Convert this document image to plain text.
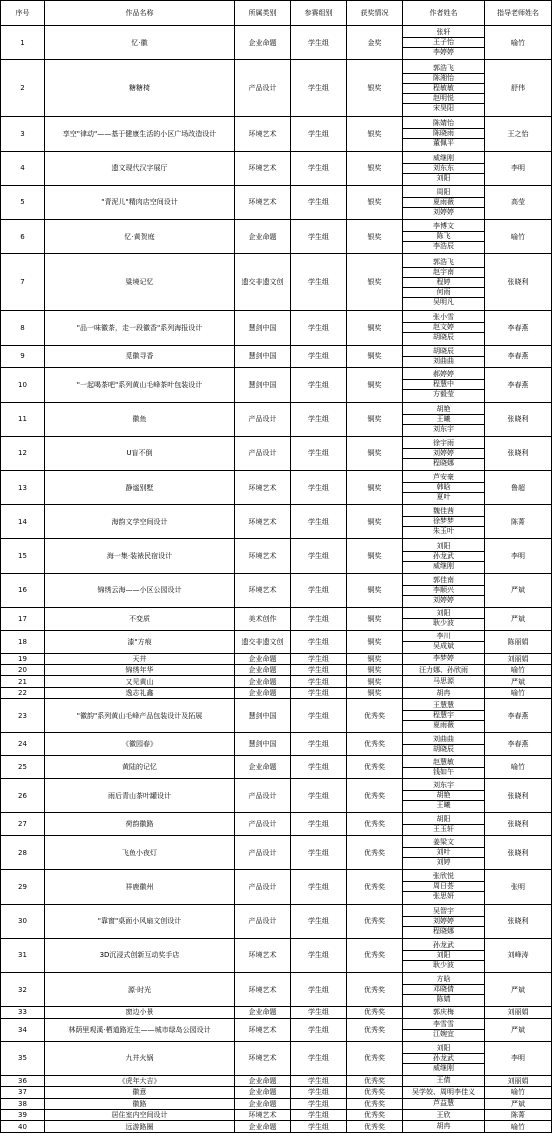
序号	作品名称	所属类别	参赛组别	获奖情况	作者姓名	指导老师姓名
1	忆·徽	企业命题	学生组	金奖	张轩
王子怡
李婷婷	喻竹
2	糖糖椅	产品设计	学生组	银奖	郭浩飞
陈湘怡
程敏敏
赵明悦
宋昊阳	舒伟
3	享空"律动"——基于健康生活的小区广场改造设计	环境艺术	学生组	银奖	陈婧怡
陈晓雨
董佩平	王之怡
4	遗文现代汉字展厅	环境艺术	学生组	银奖	威继刚
刘东东
刘阳	李明
5	"青泥儿"精肉店空间设计	环境艺术	学生组	银奖	周阳
夏雨薇
刘婷婷	高莹
6	忆·黄贺庭	企业命题	学生组	银奖	李博文
陈飞
李浩辰	喻竹
7	粱境记忆	遗交非遗文创	学生组	银奖	郭浩飞
赵宇南
程婷
何雨
吴明凡	张晓利
8	"品一味徽茶，走一段徽香"系列海报设计	慧剑中国	学生组	铜奖	张小雪
赵文婷
胡晓辰	李春燕
9	觅徽寻香	慧剑中国	学生组	铜奖	胡晓辰
刘曲曲	李春燕
10	"一起喝茶吧"系列黄山毛峰茶叶包装设计	慧剑中国	学生组	铜奖	郝婷婷
程慧中
方毅莹	李春燕
11	徽鱼	产品设计	学生组	铜奖	胡艳
王曦
刘东宇	张晓利
12	U盲不倒	产品设计	学生组	铜奖	徐宇雨
刘婷婷
程晓娜	张晓利
13	静谧别墅	环境艺术	学生组	铜奖	芦安豪
韩晗
夏叶	鲁超
14	海韵文学空间设计	环境艺术	学生组	铜奖	魏佳茜
徐梦梦
朱玉叶	陈菁
15	海一集·装裱民宿设计	环境艺术	学生组	铜奖	刘阳
孙龙武
威继刚	李明
16	锦绣云海——小区公园设计	环境艺术	学生组	铜奖	郭佳南
李顺兴
刘婷婷	严斌
17	不变质	美术创作	学生组	铜奖	刘阳
耿少波	严斌
18	漆"方痕	遗交非遗文创	学生组	铜奖	李川
吴成斌	陈丽娟
19	天井	企业命题	学生组	铜奖	李梦婷	刘丽娟
20	锦绣年华	企业命题	学生组	铜奖	汪力娜、孙欣雨	喻竹
21	又见黄山	企业命题	学生组	铜奖	马思源	严斌
22	逸志礼鑫	企业命题	学生组	铜奖	胡冉	喻竹
23	"徽韵"系列黄山毛峰产品包装设计及拓展	慧剑中国	学生组	优秀奖	王慧慧
程慧宇
夏雨薇	李春燕
24	《徽园春》	慧剑中国	学生组	优秀奖	刘曲曲
胡晓辰	李春燕
25	黄陆的记忆	企业命题	学生组	优秀奖	赵慧敏
钱如午	喻竹
26	雨后青山茶叶罐设计	产品设计	学生组	优秀奖	刘东宇
胡艳
王曦	张晓利
27	荷韵徽路	产品设计	学生组	优秀奖	胡阳
王玉轩	张晓利
28	飞鱼小夜灯	产品设计	学生组	优秀奖	姜梁文
刘叶
刘婷	张晓利
29	祥鹿徽州	产品设计	学生组	优秀奖	张欣悦
周日荟
张思妍	张明
30	"靠窗"桌面小风扇文创设计	产品设计	学生组	优秀奖	吴智宇
刘婷婷
程晓娜	张晓利
31	3D沉浸式创新互动奖手店	环境艺术	学生组	优秀奖	孙龙武
刘阳
耿少波	刘峰涛
32	源·时光	环境艺术	学生组	优秀奖	方晗
邓晓倩
陈婧	严斌
33	窗边小景	企业命题	学生组	优秀奖	郭庆梅	刘丽娟
34	林荫里观溪·栖道路近生——城市绿岛公园设计	环境艺术	学生组	优秀奖	李雪雪
江婉宜	严斌
35	九井火锅	环境艺术	学生组	优秀奖	刘阳
孙龙武
威继刚	李明
36	《虎年大吉》	企业命题	学生组	优秀奖	王倩	刘丽娟
37	徽意	企业命题	学生组	优秀奖	吴学姣、周明李佳义	喻竹
38	徽路	企业命题	学生组	优秀奖	芦益慧	严斌
39	居住室内空间设计	环境艺术	学生组	优秀奖	王欣	陈菁
40	远游路圈	企业命题	学生组	优秀奖	胡冉	喻竹
